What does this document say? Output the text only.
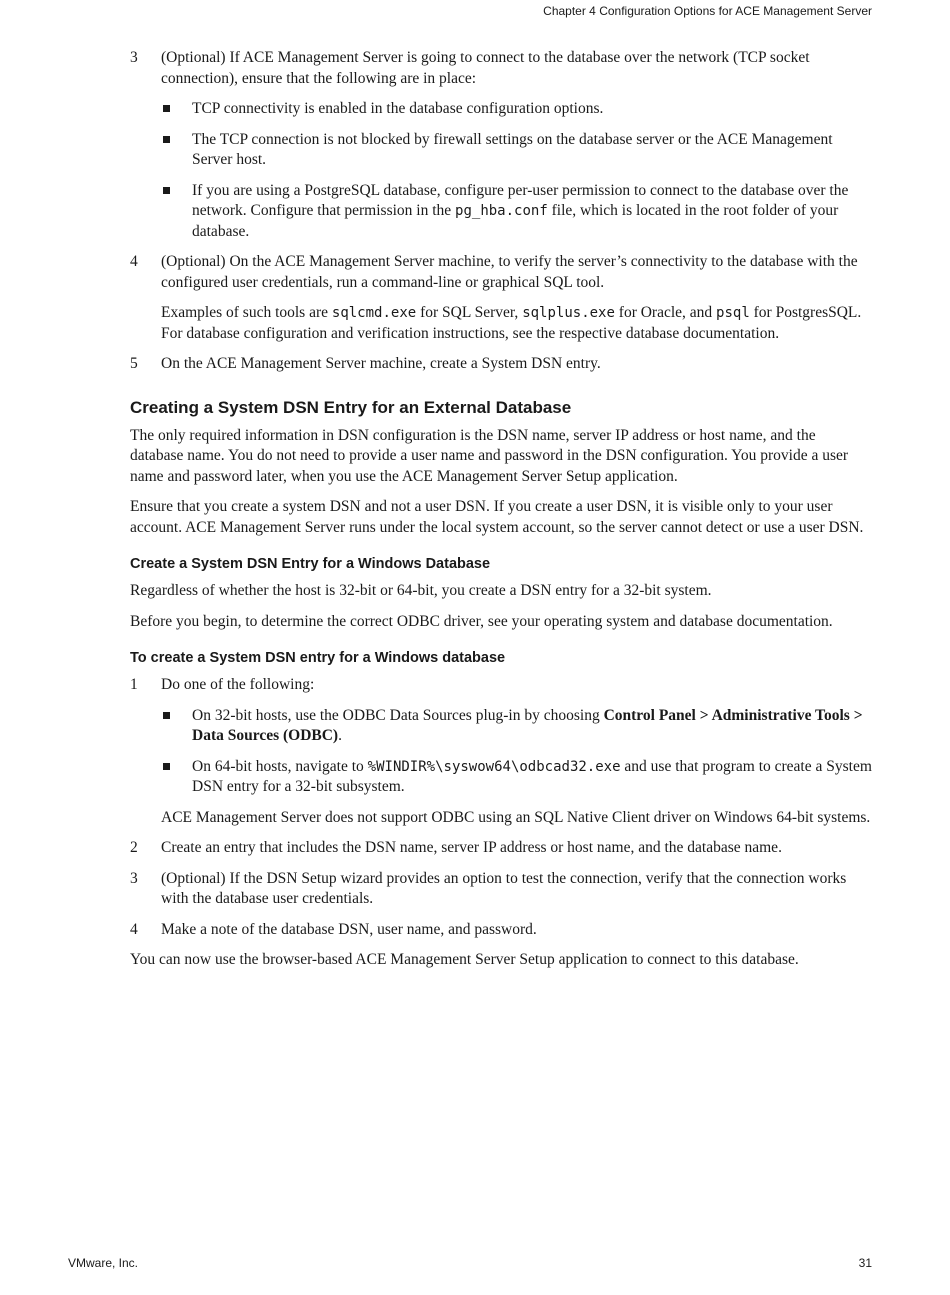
Chapter 4 Configuration Options for ACE Management Server
3 (Optional) If ACE Management Server is going to connect to the database over the network (TCP socket connection), ensure that the following are in place:

TCP connectivity is enabled in the database configuration options.
The TCP connection is not blocked by firewall settings on the database server or the ACE Management Server host.
If you are using a PostgreSQL database, configure per-user permission to connect to the database over the network. Configure that permission in the pg_hba.conf file, which is located in the root folder of your database.
4 (Optional) On the ACE Management Server machine, to verify the server’s connectivity to the database with the configured user credentials, run a command-line or graphical SQL tool.

Examples of such tools are sqlcmd.exe for SQL Server, sqlplus.exe for Oracle, and psql for PostgresSQL. For database configuration and verification instructions, see the respective database documentation.

5 On the ACE Management Server machine, create a System DSN entry.

Creating a System DSN Entry for an External Database

The only required information in DSN configuration is the DSN name, server IP address or host name, and the database name. You do not need to provide a user name and password in the DSN configuration. You provide a user name and password later, when you use the ACE Management Server Setup application.

Ensure that you create a system DSN and not a user DSN. If you create a user DSN, it is visible only to your user account. ACE Management Server runs under the local system account, so the server cannot detect or use a user DSN.

Create a System DSN Entry for a Windows Database

Regardless of whether the host is 32-bit or 64-bit, you create a DSN entry for a 32-bit system.

Before you begin, to determine the correct ODBC driver, see your operating system and database documentation.

To create a System DSN entry for a Windows database
1 Do one of the following:

On 32-bit hosts, use the ODBC Data Sources plug-in by choosing Control Panel > Administrative Tools > Data Sources (ODBC).
On 64-bit hosts, navigate to %WINDIR%\syswow64\odbcad32.exe and use that program to create a System DSN entry for a 32-bit subsystem.

ACE Management Server does not support ODBC using an SQL Native Client driver on Windows 64-bit systems.

2 Create an entry that includes the DSN name, server IP address or host name, and the database name.

3 (Optional) If the DSN Setup wizard provides an option to test the connection, verify that the connection works with the database user credentials.

4 Make a note of the database DSN, user name, and password.

You can now use the browser-based ACE Management Server Setup application to connect to this database.

VMware, Inc.	31
